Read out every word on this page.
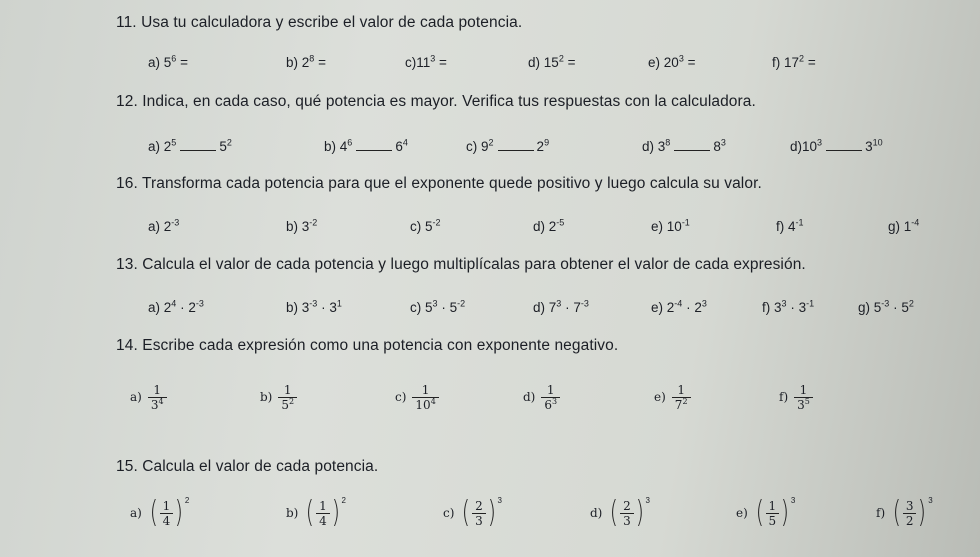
11. Usa tu calculadora y escribe el valor de cada potencia.
a) $5^6$ =	b) $2^8$ =	$c)11^3$ =	d) $15^2$ =	e) $20^3$ =	f) $17^2$ =
12. Indica, en cada caso, qué potencia es mayor. Verifica tus respuestas con la calculadora.
a) $2^5$	$5^2$	b) $4^6$	$6^4$	c) $9^2$	$2^9$	d) $3^8$	$8^3$	$d)10^3$	$3^{10}$
16. Transforma cada potencia para que el exponente quede positivo y luego calcula su valor.
a) $2^{-3}$	b) $3^{-2}$	c) $5^{-2}$	d) $2^{-5}$	e) $10^{-1}$	f) $4^{-1}$	g) $1^{-4}$
13. Calcula el valor de cada potencia y luego multiplícalas para obtener el valor de cada expresión.
a) $2^4 \cdot 2^{-3}$	b) $3^{-3} \cdot 3^1$	c) $5^3 \cdot 5^{-2}$	d) $7^3 \cdot 7^{-3}$	e) $2^{-4} \cdot 2^3$	f) $3^3 \cdot 3^{-1}$	g) $5^{-3} \cdot 5^2$
14. Escribe cada expresión como una potencia con exponente negativo.
$a) \frac{1}{3^4}$	$b) \frac{1}{5^2}$	$c) \frac{1}{10^4}$	$d) \frac{1}{6^3}$	$e) \frac{1}{7^2}$	$f) \frac{1}{3^5}$
15. Calcula el valor de cada potencia.
a) ( $\frac{1}{4}$ ) 2
b) ( $\frac{1}{4}$ ) 2
c) ( $\frac{2}{3}$ ) 3
d) ( $\frac{2}{3}$ ) 3
e) ( $\frac{1}{5}$ ) 3
f) ( $\frac{3}{2}$ ) 3
